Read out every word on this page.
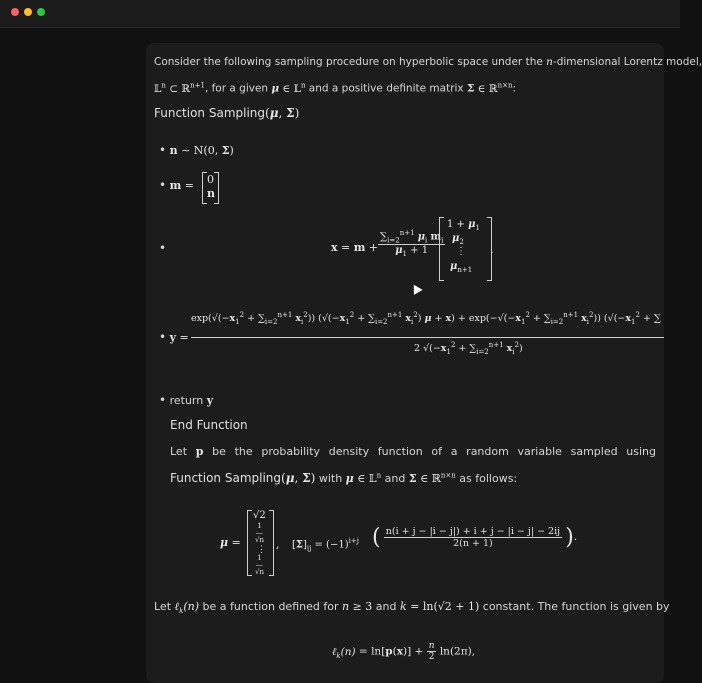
Consider the following sampling procedure on hyperbolic space under the n-dimensional Lorentz model,
𝕃$^n$ ⊂ ℝ$^{n+1}$, for a given μ ∈ 𝕃$^n$ and a positive definite matrix Σ ∈ ℝ$^{n\times n}$:
Function Sampling(μ, Σ)
• n ∼ N(0, Σ)
• m = 0
n
•	$x = m + \frac{\sum_{i=2}^{n+1} \mu_i m_i}{\mu_1 + 1}$
$1 + \mu_1$
$\mu_2$
⋮
$\mu_{n+1}$
.
• y =
$\exp(√(-x_1^2 + \sum_{i=2}^{n+1}$ $x_i^2$)) ($√(-x_1^2 + \sum_{i=2}^{n+1}$ $x_i^2$) $\mu + x) + \exp(-√(-x_1^2 + \sum_{i=2}^{n+1}$ $x_i^2$)) ($√(-x_1^2$ + ∑
2 $√(-x_1^2 + \sum_{i=2}^{n+1}$ $x_i^2$)
• return y
End Function
Let p be the probability density function of a random variable sampled using
Function Sampling(μ, Σ) with μ ∈ 𝕃$^n$ and Σ ∈ ℝ$^{n\times n}$ as follows:
μ =
√2
1
—
√n
⋮
1
—
√n
, $[\Sigma]_{ij} = (-1)^{i+j}$ ( $\frac{n(i + j - |i - j|) + i + j - |i - j| - 2ij}{2(n + 1)}$ ).
Let ℓ$_k$(n) be a function defined for n ≥ 3 and k = ln(√2 + 1) constant. The function is given by
ℓ$_k$(n) = $\ln[p(x)] + \frac{n}{2} \ln(2\pi)$,
